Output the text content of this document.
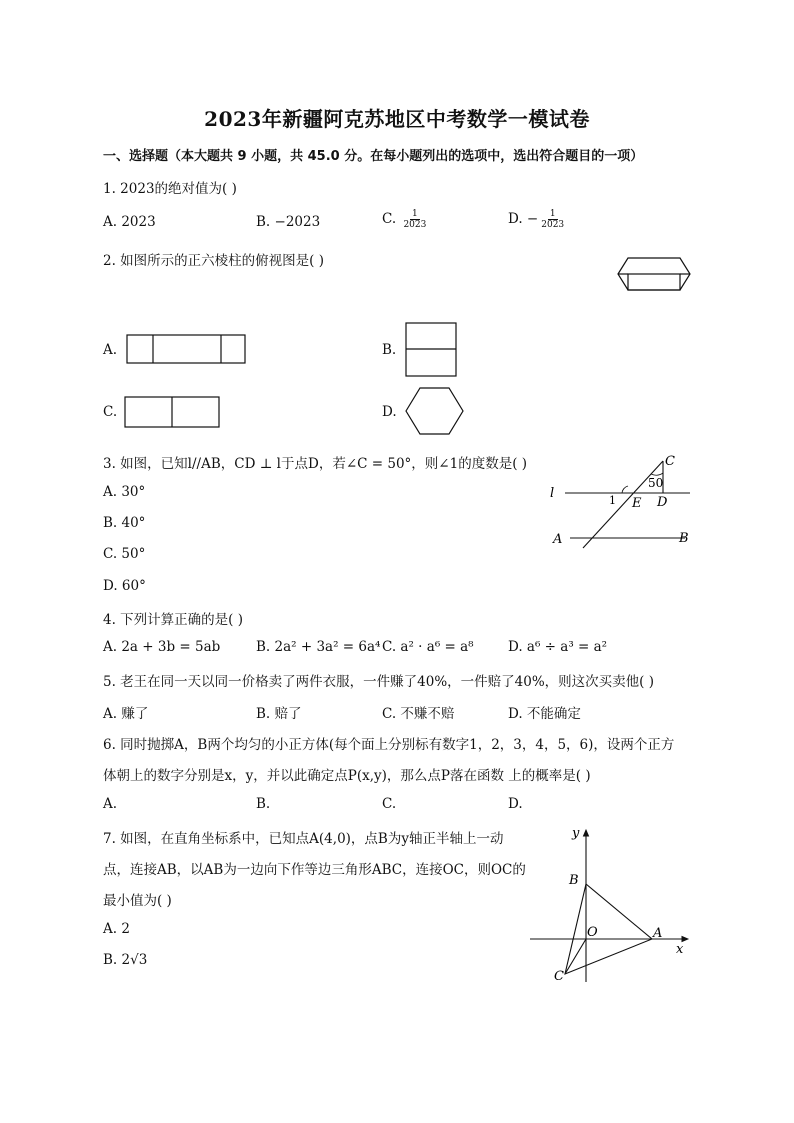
2023年新疆阿克苏地区中考数学一模试卷
一、选择题（本大题共 9 小题，共 45.0 分。在每小题列出的选项中，选出符合题目的一项）
1. 2023的绝对值为( )
A. 2023	B. −2023	C. $\frac{1}{2023}$	D. − $\frac{1}{2023}$
2. 如图所示的正六棱柱的俯视图是( )
A.	B.
C.	D.
3. 如图，已知l//AB，CD ⊥ l于点D，若∠C = 50°，则∠1的度数是( )
A. 30°
B. 40°
C. 50°
D. 60°
C
l
50
1 E D
A	B
4. 下列计算正确的是( )
A. 2a + 3b = 5ab	B. 2a² + 3a² = 6a⁴ C. a² · a⁶ = a⁸	D. a⁶ ÷ a³ = a²
5. 老王在同一天以同一价格卖了两件衣服，一件赚了40%，一件赔了40%，则这次买卖他( )
A. 赚了	B. 赔了	C. 不赚不赔	D. 不能确定
6. 同时抛掷A，B两个均匀的小正方体(每个面上分别标有数字1，2，3，4，5，6)，设两个正方
体朝上的数字分别是x，y，并以此确定点P(x,y)，那么点P落在函数 上的概率是( )
A.	B.	C.	D.
7. 如图，在直角坐标系中，已知点A(4,0)，点B为y轴正半轴上一动
点，连接AB，以AB为一边向下作等边三角形ABC，连接OC，则OC的
最小值为( )
A. 2
B. 2√3
y
x
B
O	A
C
